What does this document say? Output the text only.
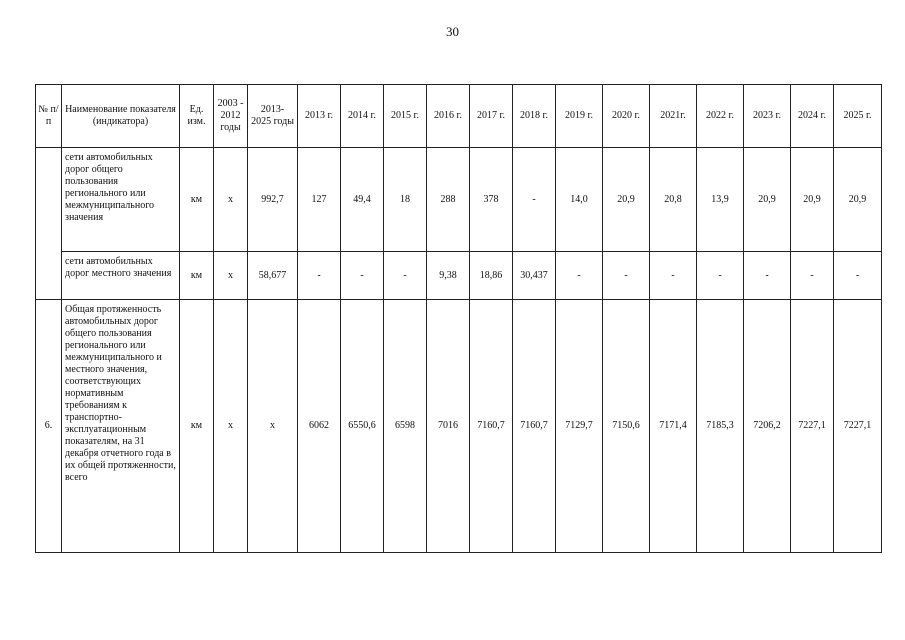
30
№ п/п	Наименование показателя (индикатора)	Ед. изм.	2003 - 2012 годы	2013- 2025 годы	2013 г.	2014 г.	2015 г.	2016 г.	2017 г.	2018 г.	2019 г.	2020 г.	2021г.	2022 г.	2023 г.	2024 г.	2025 г.
	сети автомобильных дорог общего пользования регионального или межмуниципального значения	км	x	992,7	127	49,4	18	288	378	-	14,0	20,9	20,8	13,9	20,9	20,9	20,9
	сети автомобильных дорог местного значения	км	x	58,677	-	-	-	9,38	18,86	30,437	-	-	-	-	-	-	-
6.	Общая протяженность автомобильных дорог общего пользования регионального или межмуниципального и местного значения, соответствующих нормативным требованиям к транспортно-эксплуатационным показателям, на 31 декабря отчетного года в их общей протяженности, всего	км	x	x	6062	6550,6	6598	7016	7160,7	7160,7	7129,7	7150,6	7171,4	7185,3	7206,2	7227,1	7227,1
